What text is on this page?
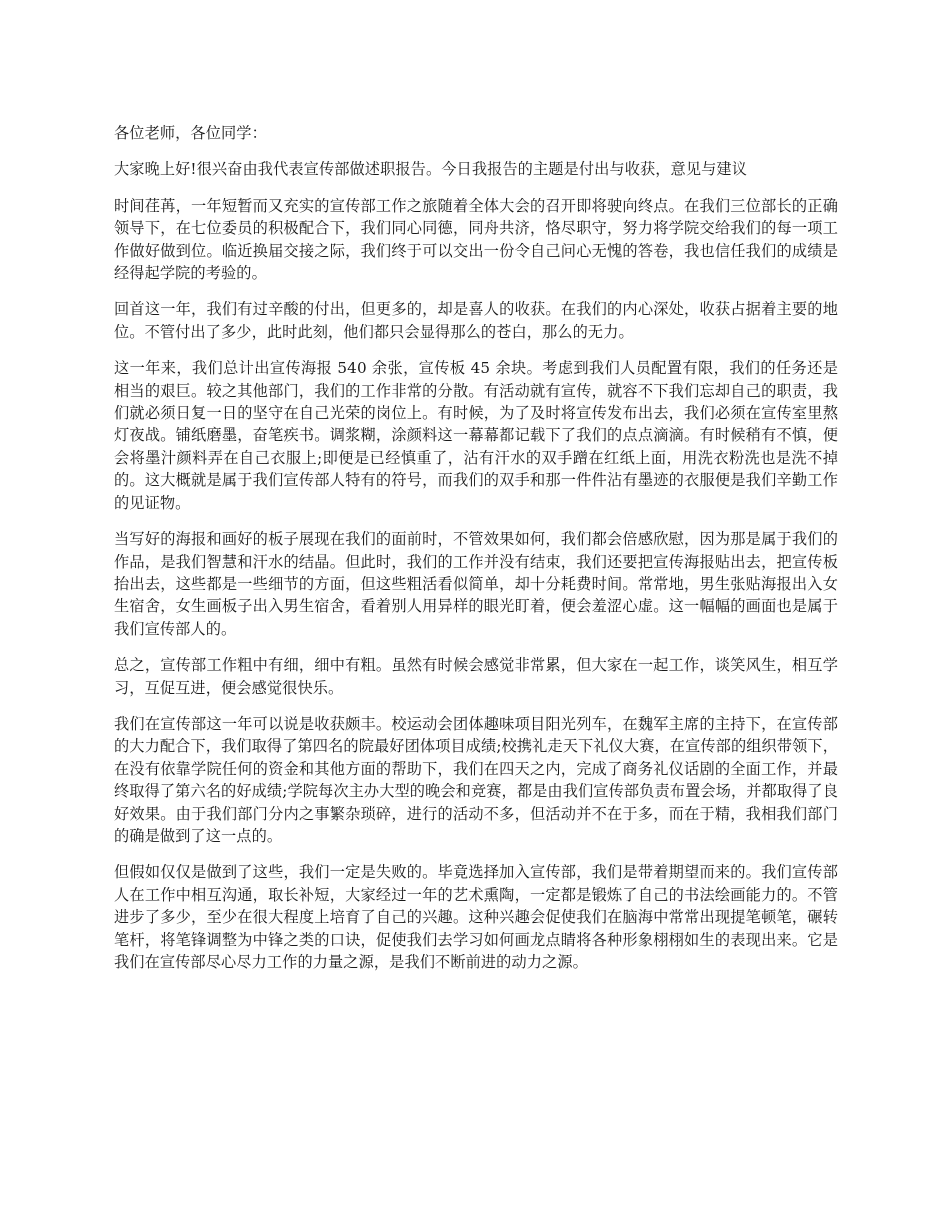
各位老师，各位同学：

大家晚上好!很兴奋由我代表宣传部做述职报告。今日我报告的主题是付出与收获，意见与建议

时间荏苒，一年短暂而又充实的宣传部工作之旅随着全体大会的召开即将驶向终点。在我们三位部长的正确领导下，在七位委员的积极配合下，我们同心同德，同舟共济，恪尽职守，努力将学院交给我们的每一项工作做好做到位。临近换届交接之际，我们终于可以交出一份令自己问心无愧的答卷，我也信任我们的成绩是经得起学院的考验的。

回首这一年，我们有过辛酸的付出，但更多的，却是喜人的收获。在我们的内心深处，收获占据着主要的地位。不管付出了多少，此时此刻，他们都只会显得那么的苍白，那么的无力。

这一年来，我们总计出宣传海报 540 余张，宣传板 45 余块。考虑到我们人员配置有限，我们的任务还是相当的艰巨。较之其他部门，我们的工作非常的分散。有活动就有宣传，就容不下我们忘却自己的职责，我们就必须日复一日的坚守在自己光荣的岗位上。有时候，为了及时将宣传发布出去，我们必须在宣传室里熬灯夜战。铺纸磨墨，奋笔疾书。调浆糊，涂颜料这一幕幕都记载下了我们的点点滴滴。有时候稍有不慎，便会将墨汁颜料弄在自己衣服上;即便是已经慎重了，沾有汗水的双手蹭在红纸上面，用洗衣粉洗也是洗不掉的。这大概就是属于我们宣传部人特有的符号，而我们的双手和那一件件沾有墨迹的衣服便是我们辛勤工作的见证物。

当写好的海报和画好的板子展现在我们的面前时，不管效果如何，我们都会倍感欣慰，因为那是属于我们的作品，是我们智慧和汗水的结晶。但此时，我们的工作并没有结束，我们还要把宣传海报贴出去，把宣传板抬出去，这些都是一些细节的方面，但这些粗活看似简单，却十分耗费时间。常常地，男生张贴海报出入女生宿舍，女生画板子出入男生宿舍，看着别人用异样的眼光盯着，便会羞涩心虚。这一幅幅的画面也是属于我们宣传部人的。

总之，宣传部工作粗中有细，细中有粗。虽然有时候会感觉非常累，但大家在一起工作，谈笑风生，相互学习，互促互进，便会感觉很快乐。

我们在宣传部这一年可以说是收获颇丰。校运动会团体趣味项目阳光列车，在魏军主席的主持下，在宣传部的大力配合下，我们取得了第四名的院最好团体项目成绩;校携礼走天下礼仪大赛，在宣传部的组织带领下，在没有依靠学院任何的资金和其他方面的帮助下，我们在四天之内，完成了商务礼仪话剧的全面工作，并最终取得了第六名的好成绩;学院每次主办大型的晚会和竞赛，都是由我们宣传部负责布置会场，并都取得了良好效果。由于我们部门分内之事繁杂琐碎，进行的活动不多，但活动并不在于多，而在于精，我相我们部门的确是做到了这一点的。

但假如仅仅是做到了这些，我们一定是失败的。毕竟选择加入宣传部，我们是带着期望而来的。我们宣传部人在工作中相互沟通，取长补短，大家经过一年的艺术熏陶，一定都是锻炼了自己的书法绘画能力的。不管进步了多少，至少在很大程度上培育了自己的兴趣。这种兴趣会促使我们在脑海中常常出现提笔顿笔，碾转笔杆，将笔锋调整为中锋之类的口诀，促使我们去学习如何画龙点睛将各种形象栩栩如生的表现出来。它是我们在宣传部尽心尽力工作的力量之源，是我们不断前进的动力之源。
